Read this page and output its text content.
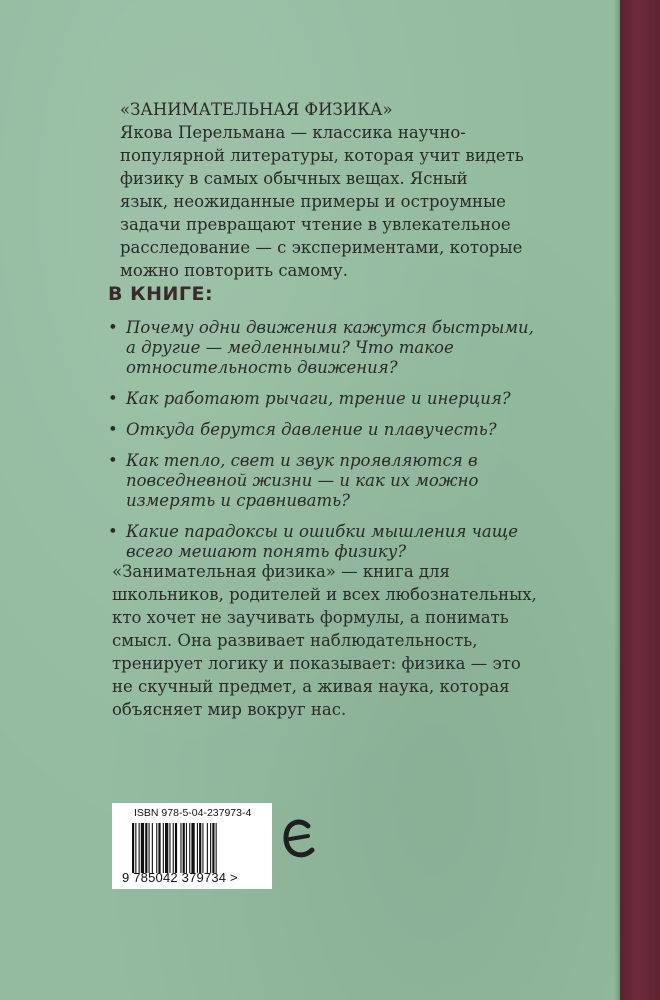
«ЗАНИМАТЕЛЬНАЯ ФИЗИКА»
Якова Перельмана — классика научно-
популярной литературы, которая учит видеть
физику в самых обычных вещах. Ясный
язык, неожиданные примеры и остроумные
задачи превращают чтение в увлекательное
расследование — с экспериментами, которые
можно повторить самому.

В КНИГЕ:
• Почему одни движения кажутся быстрыми,
а другие — медленными? Что такое
относительность движения?
• Как работают рычаги, трение и инерция?
• Откуда берутся давление и плавучесть?
• Как тепло, свет и звук проявляются в
повседневной жизни — и как их можно
измерять и сравнивать?
• Какие парадоксы и ошибки мышления чаще
всего мешают понять физику?

«Занимательная физика» — книга для
школьников, родителей и всех любознательных,
кто хочет не заучивать формулы, а понимать
смысл. Она развивает наблюдательность,
тренирует логику и показывает: физика — это
не скучный предмет, а живая наука, которая
объясняет мир вокруг нас.

ISBN 978-5-04-237973-4
9 785042 379734 >
